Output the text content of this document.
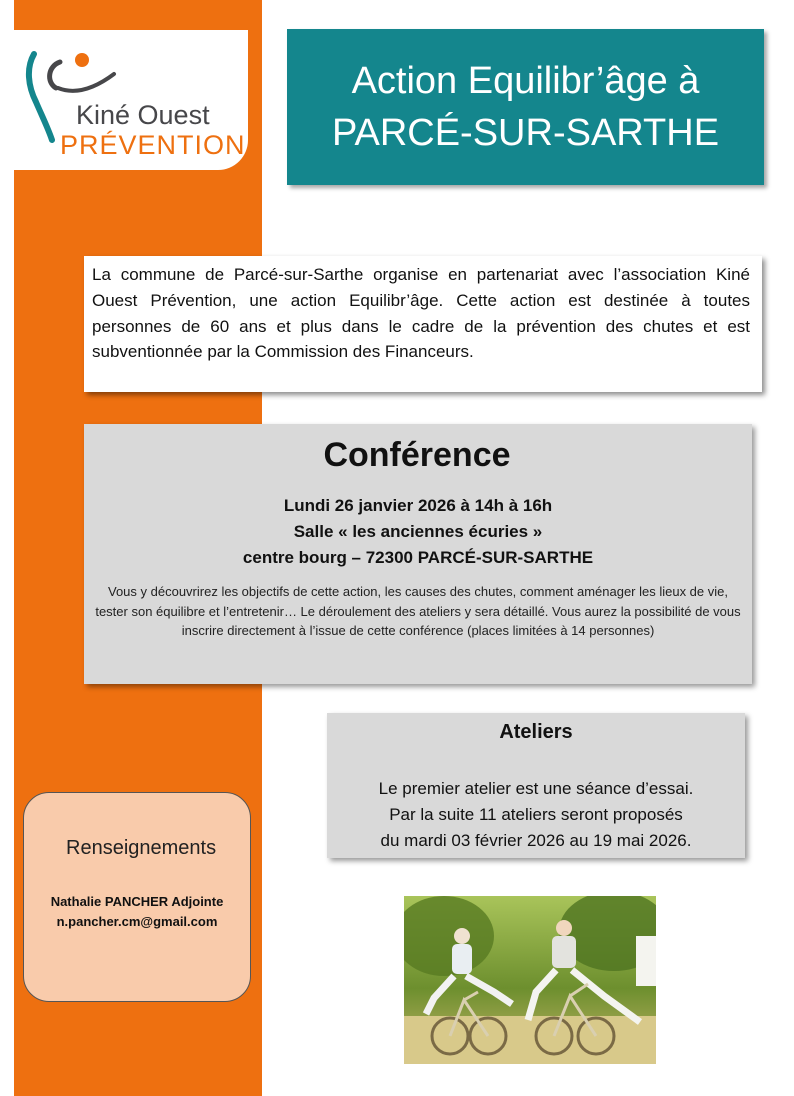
Kiné Ouest
PRÉVENTION
Action Equilibr’âge à
PARCÉ-SUR-SARTHE

La commune de Parcé-sur-Sarthe organise en partenariat avec l’association Kiné Ouest Prévention, une action Equilibr’âge. Cette action est destinée à toutes personnes de 60 ans et plus dans le cadre de la prévention des chutes et est subventionnée par la Commission des Financeurs.

Conférence
Lundi 26 janvier 2026 à 14h à 16h
Salle « les anciennes écuries »
centre bourg – 72300 PARCÉ-SUR-SARTHE
Vous y découvrirez les objectifs de cette action, les causes des chutes, comment aménager les lieux de vie, tester son équilibre et l’entretenir… Le déroulement des ateliers y sera détaillé. Vous aurez la possibilité de vous inscrire directement à l’issue de cette conférence (places limitées à 14 personnes)
Ateliers
Le premier atelier est une séance d’essai.
Par la suite 11 ateliers seront proposés
du mardi 03 février 2026 au 19 mai 2026.
Renseignements
Nathalie PANCHER Adjointe
n.pancher.cm@gmail.com
